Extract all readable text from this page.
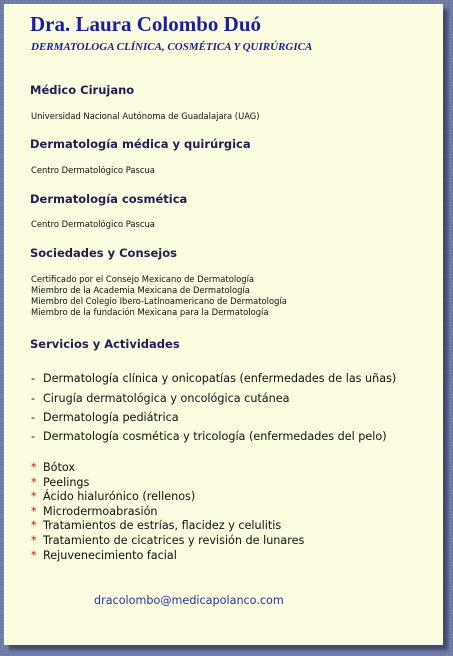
Dra. Laura Colombo Duó
DERMATOLOGA CLÍNICA, COSMÉTICA Y QUIRÚRGICA
Médico Cirujano
Universidad Nacional Autónoma de Guadalajara (UAG)
Dermatología médica y quirúrgica
Centro Dermatológico Pascua
Dermatología cosmética
Centro Dermatológico Pascua
Sociedades y Consejos
Certificado por el Consejo Mexicano de Dermatología
Miembro de la Academia Mexicana de Dermatología
Miembro del Colegio Ibero-Latinoamericano de Dermatología
Miembro de la fundación Mexicana para la Dermatología
Servicios y Actividades
- Dermatología clínica y onicopatías (enfermedades de las uñas)
- Cirugía dermatológica y oncológica cutánea
- Dermatología pediátrica
- Dermatología cosmética y tricología (enfermedades del pelo)
* Bótox
* Peelings
* Ácido hialurónico (rellenos)
* Microdermoabrasión
* Tratamientos de estrías, flacidez y celulitis
* Tratamiento de cicatrices y revisión de lunares
* Rejuvenecimiento facial
dracolombo@medicapolanco.com
